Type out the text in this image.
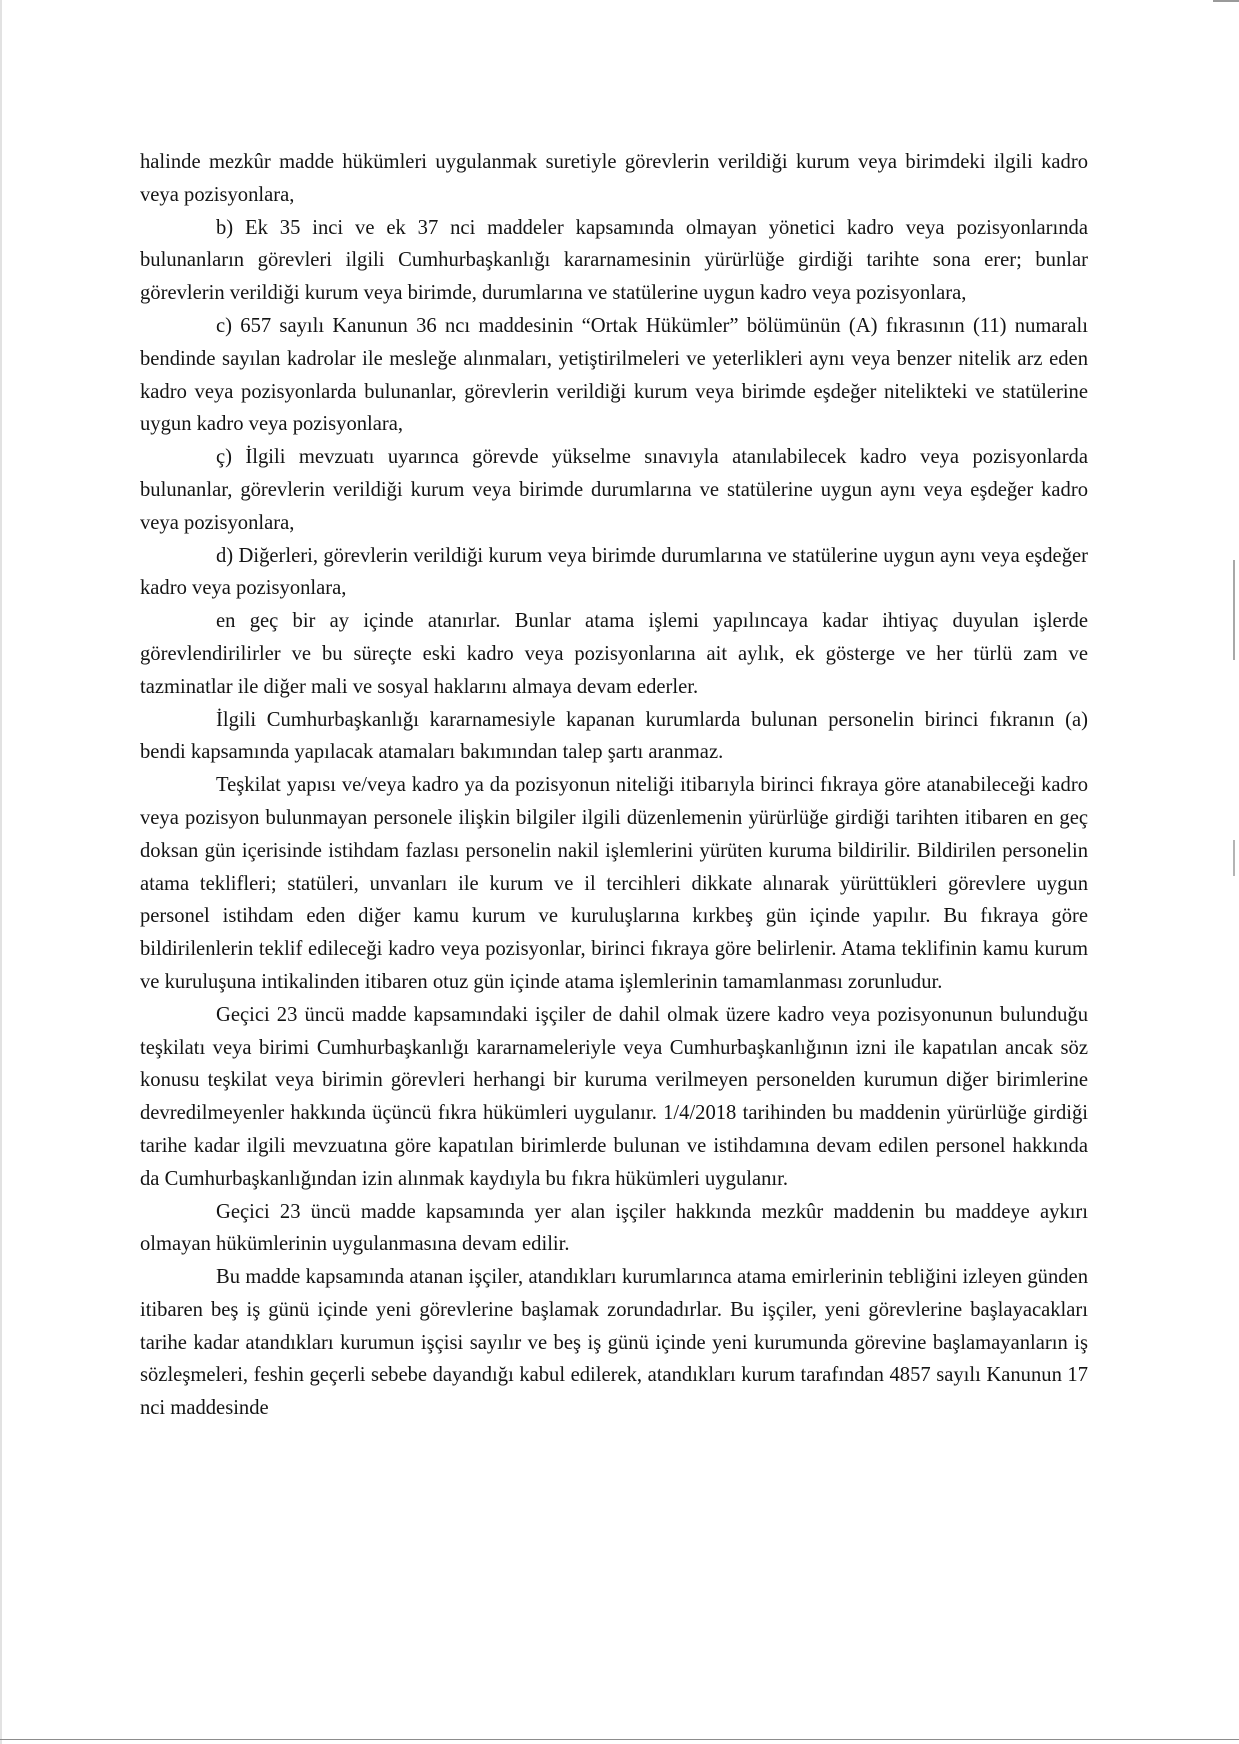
halinde mezkûr madde hükümleri uygulanmak suretiyle görevlerin verildiği kurum veya birimdeki ilgili kadro veya pozisyonlara,

b) Ek 35 inci ve ek 37 nci maddeler kapsamında olmayan yönetici kadro veya pozisyonlarında bulunanların görevleri ilgili Cumhurbaşkanlığı kararnamesinin yürürlüğe girdiği tarihte sona erer; bunlar görevlerin verildiği kurum veya birimde, durumlarına ve statülerine uygun kadro veya pozisyonlara,

c) 657 sayılı Kanunun 36 ncı maddesinin “Ortak Hükümler” bölümünün (A) fıkrasının (11) numaralı bendinde sayılan kadrolar ile mesleğe alınmaları, yetiştirilmeleri ve yeterlikleri aynı veya benzer nitelik arz eden kadro veya pozisyonlarda bulunanlar, görevlerin verildiği kurum veya birimde eşdeğer nitelikteki ve statülerine uygun kadro veya pozisyonlara,

ç) İlgili mevzuatı uyarınca görevde yükselme sınavıyla atanılabilecek kadro veya pozisyonlarda bulunanlar, görevlerin verildiği kurum veya birimde durumlarına ve statülerine uygun aynı veya eşdeğer kadro veya pozisyonlara,

d) Diğerleri, görevlerin verildiği kurum veya birimde durumlarına ve statülerine uygun aynı veya eşdeğer kadro veya pozisyonlara,

en geç bir ay içinde atanırlar. Bunlar atama işlemi yapılıncaya kadar ihtiyaç duyulan işlerde görevlendirilirler ve bu süreçte eski kadro veya pozisyonlarına ait aylık, ek gösterge ve her türlü zam ve tazminatlar ile diğer mali ve sosyal haklarını almaya devam ederler.

İlgili Cumhurbaşkanlığı kararnamesiyle kapanan kurumlarda bulunan personelin birinci fıkranın (a) bendi kapsamında yapılacak atamaları bakımından talep şartı aranmaz.

Teşkilat yapısı ve/veya kadro ya da pozisyonun niteliği itibarıyla birinci fıkraya göre atanabileceği kadro veya pozisyon bulunmayan personele ilişkin bilgiler ilgili düzenlemenin yürürlüğe girdiği tarihten itibaren en geç doksan gün içerisinde istihdam fazlası personelin nakil işlemlerini yürüten kuruma bildirilir. Bildirilen personelin atama teklifleri; statüleri, unvanları ile kurum ve il tercihleri dikkate alınarak yürüttükleri görevlere uygun personel istihdam eden diğer kamu kurum ve kuruluşlarına kırkbeş gün içinde yapılır. Bu fıkraya göre bildirilenlerin teklif edileceği kadro veya pozisyonlar, birinci fıkraya göre belirlenir. Atama teklifinin kamu kurum ve kuruluşuna intikalinden itibaren otuz gün içinde atama işlemlerinin tamamlanması zorunludur.

Geçici 23 üncü madde kapsamındaki işçiler de dahil olmak üzere kadro veya pozisyonunun bulunduğu teşkilatı veya birimi Cumhurbaşkanlığı kararnameleriyle veya Cumhurbaşkanlığının izni ile kapatılan ancak söz konusu teşkilat veya birimin görevleri herhangi bir kuruma verilmeyen personelden kurumun diğer birimlerine devredilmeyenler hakkında üçüncü fıkra hükümleri uygulanır. 1/4/2018 tarihinden bu maddenin yürürlüğe girdiği tarihe kadar ilgili mevzuatına göre kapatılan birimlerde bulunan ve istihdamına devam edilen personel hakkında da Cumhurbaşkanlığından izin alınmak kaydıyla bu fıkra hükümleri uygulanır.

Geçici 23 üncü madde kapsamında yer alan işçiler hakkında mezkûr maddenin bu maddeye aykırı olmayan hükümlerinin uygulanmasına devam edilir.

Bu madde kapsamında atanan işçiler, atandıkları kurumlarınca atama emirlerinin tebliğini izleyen günden itibaren beş iş günü içinde yeni görevlerine başlamak zorundadırlar. Bu işçiler, yeni görevlerine başlayacakları tarihe kadar atandıkları kurumun işçisi sayılır ve beş iş günü içinde yeni kurumunda görevine başlamayanların iş sözleşmeleri, feshin geçerli sebebe dayandığı kabul edilerek, atandıkları kurum tarafından 4857 sayılı Kanunun 17 nci maddesinde
